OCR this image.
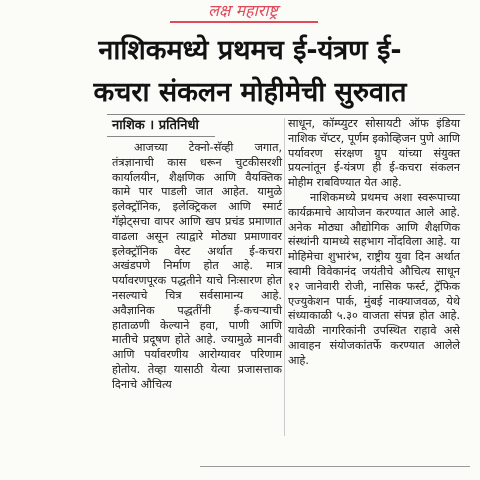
लक्ष महाराष्ट्र
नाशिकमध्ये प्रथमच ई-यंत्रण ई-
कचरा संकलन मोहीमेची सुरुवात
नाशिक । प्रतिनिधी

आजच्या टेक्नो-सॅव्ही जगात, तंत्रज्ञानाची कास धरून चुटकीसरशी कार्यालयीन, शैक्षणिक आणि वैयक्तिक कामे पार पाडली जात आहेत. यामुळे इलेक्ट्रॉनिक, इलेक्ट्रिकल आणि स्मार्ट गॅझेट्सचा वापर आणि खप प्रचंड प्रमाणात वाढला असून त्याद्वारे मोठ्या प्रमाणावर इलेक्ट्रॉनिक वेस्ट अर्थात ई-कचरा अखंडपणे निर्माण होत आहे. मात्र पर्यावरणपूरक पद्धतीने याचे निःसारण होत नसल्याचे चित्र सर्वसामान्य आहे. अवैज्ञानिक पद्धतींनी ई-कचऱ्याची हाताळणी केल्याने हवा, पाणी आणि मातीचे प्रदूषण होते आहे. ज्यामुळे मानवी आणि पर्यावरणीय आरोग्यावर परिणाम होतोय. तेव्हा यासाठी येत्या प्रजासत्ताक दिनाचे औचित्य

साधून, कॉम्प्युटर सोसायटी ऑफ इंडिया नाशिक चॅप्टर, पूर्णम इकोव्हिजन पुणे आणि पर्यावरण संरक्षण ग्रुप यांच्या संयुक्त प्रयत्नांतून ई-यंत्रण ही ई-कचरा संकलन मोहीम राबविण्यात येत आहे.

नाशिकमध्ये प्रथमच अशा स्वरूपाच्या कार्यक्रमाचे आयोजन करण्यात आले आहे. अनेक मोठ्या औद्योगिक आणि शैक्षणिक संस्थांनी यामध्ये सहभाग नोंदविला आहे. या मोहिमेचा शुभारंभ, राष्ट्रीय युवा दिन अर्थात स्वामी विवेकानंद जयंतीचे औचित्य साधून १२ जानेवारी रोजी, नासिक फर्स्ट, ट्रॅफिक एज्युकेशन पार्क, मुंबई नाक्याजवळ, येथे संध्याकाळी ५.३० वाजता संपन्न होत आहे. यावेळी नागरिकांनी उपस्थित राहावे असे आवाहन संयोजकांतर्फे करण्यात आलेले आहे.
